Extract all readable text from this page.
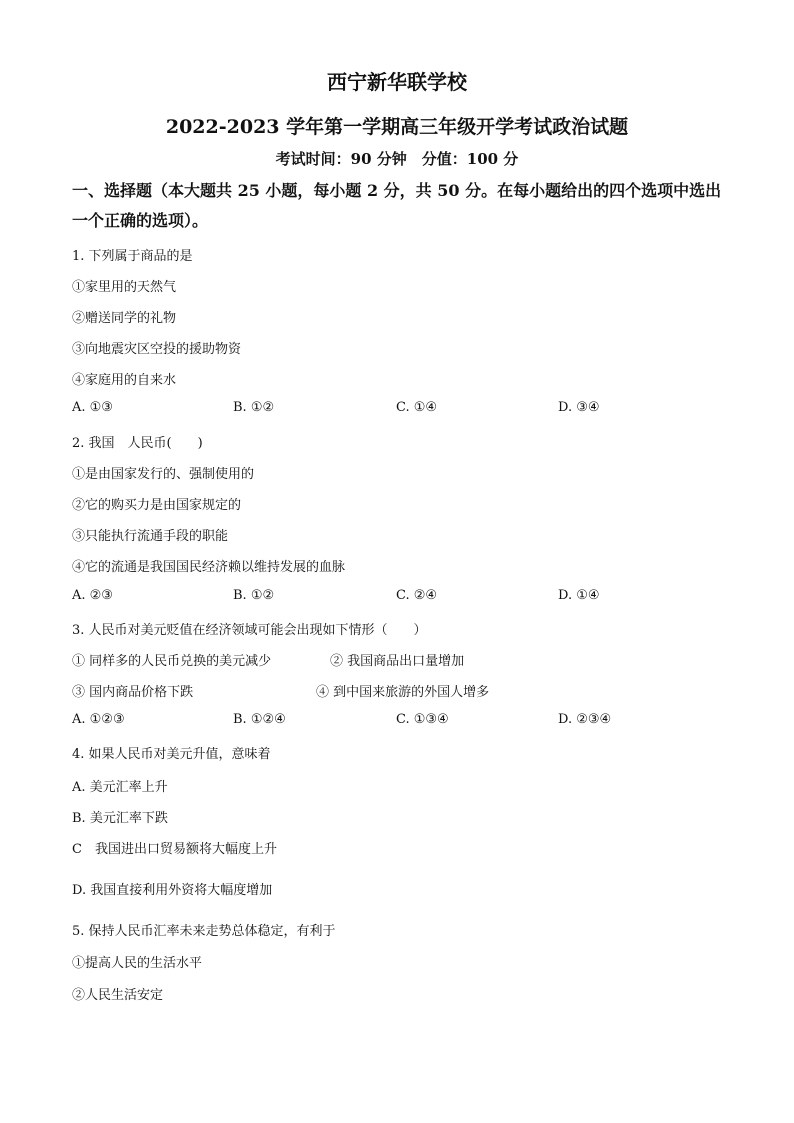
西宁新华联学校
2022-2023 学年第一学期高三年级开学考试政治试题
考试时间：90 分钟　分值：100 分
一、选择题（本大题共 25 小题，每小题 2 分，共 50 分。在每小题给出的四个选项中选出一个正确的选项）。
1. 下列属于商品的是
①家里用的天然气
②赠送同学的礼物
③向地震灾区空投的援助物资
④家庭用的自来水
A. ①③	B. ①②	C. ①④	D. ③④
2. 我国　人民币(　　)
①是由国家发行的、强制使用的
②它的购买力是由国家规定的
③只能执行流通手段的职能
④它的流通是我国国民经济赖以维持发展的血脉
A. ②③	B. ①②	C. ②④	D. ①④
3. 人民币对美元贬值在经济领域可能会出现如下情形（　　）
① 同样多的人民币兑换的美元减少	② 我国商品出口量增加
③ 国内商品价格下跌	④ 到中国来旅游的外国人增多
A. ①②③	B. ①②④	C. ①③④	D. ②③④
4. 如果人民币对美元升值，意味着
A. 美元汇率上升
B. 美元汇率下跌
C　我国进出口贸易额将大幅度上升
D. 我国直接利用外资将大幅度增加
5. 保持人民币汇率未来走势总体稳定，有利于
①提高人民的生活水平
②人民生活安定
